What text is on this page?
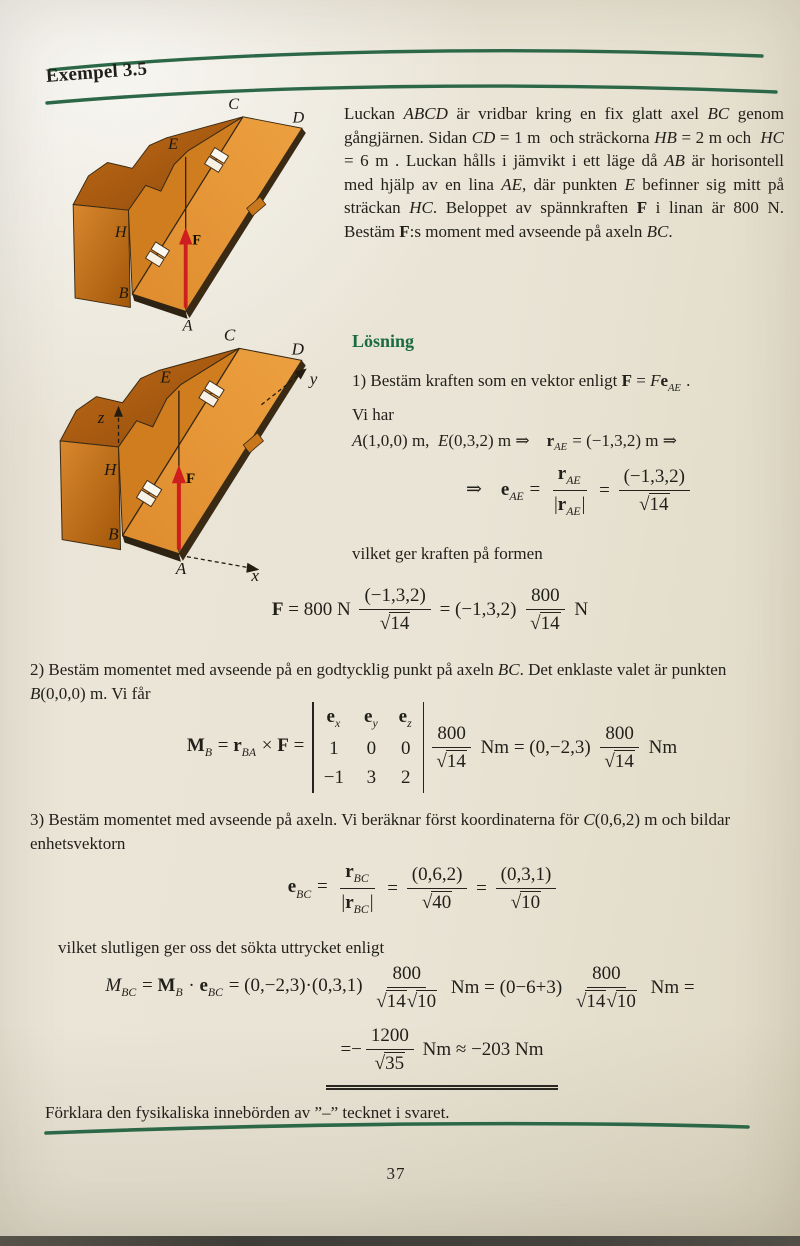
Exempel 3.5
C
D
E
H	F
B
A
Luckan ABCD är vridbar kring en fix glatt axel BC genom gångjärnen. Sidan CD = 1 m  och sträckorna HB = 2 m och  HC = 6 m . Luckan hålls i jämvikt i ett läge då AB är horisontell med hjälp av en lina AE, där punkten E befinner sig mitt på sträckan HC. Beloppet av spännkraften F i linan är 800 N. Bestäm F:s moment med avseende på axeln BC.
C
D
E
H
F
B
A
z
y
x
Lösning
1) Bestäm kraften som en vektor enligt $F = Fe_{AE}$ .
Vi har
A(1,0,0) m,  E(0,3,2) m ⇒    $r_{AE} = (-1,3,2)$ m ⇒
⇒    $e_{AE} = \frac{r_{AE}}{|r_{AE}|} = \frac{(-1,3,2)}{√14}$
vilket ger kraften på formen
F = 800 N $\frac{(-1,3,2)}{√14} = (-1,3,2) \frac{800}{√14}$ N
2) Bestäm momentet med avseende på en godtycklig punkt på axeln BC. Det enklaste valet är punkten B(0,0,0) m. Vi får
$M_B = r_{BA} \times F$ =
$e_x$ $e_y$ $e_z$
1 0 0
−1 3 2
$\frac{800}{√14}$ $Nm = (0,-2,3) \frac{800}{√14}$ Nm
3) Bestäm momentet med avseende på axeln. Vi beräknar först koordinaterna för C(0,6,2) m och bildar enhetsvektorn
$e_{BC} = \frac{r_{BC}}{|r_{BC}|} = \frac{(0,6,2)}{√40} = \frac{(0,3,1)}{√10}$
vilket slutligen ger oss det sökta uttrycket enligt
$M_{BC} = M_B \cdot e_{BC} = (0,-2,3)\cdot(0,3,1) \frac{800}{√14√10}$ $Nm = (0-6+3) \frac{800}{√14√10}$ Nm =
=− $\frac{1200}{√35}$ Nm ≈ −203 Nm
Förklara den fysikaliska innebörden av ”–” tecknet i svaret.
37
